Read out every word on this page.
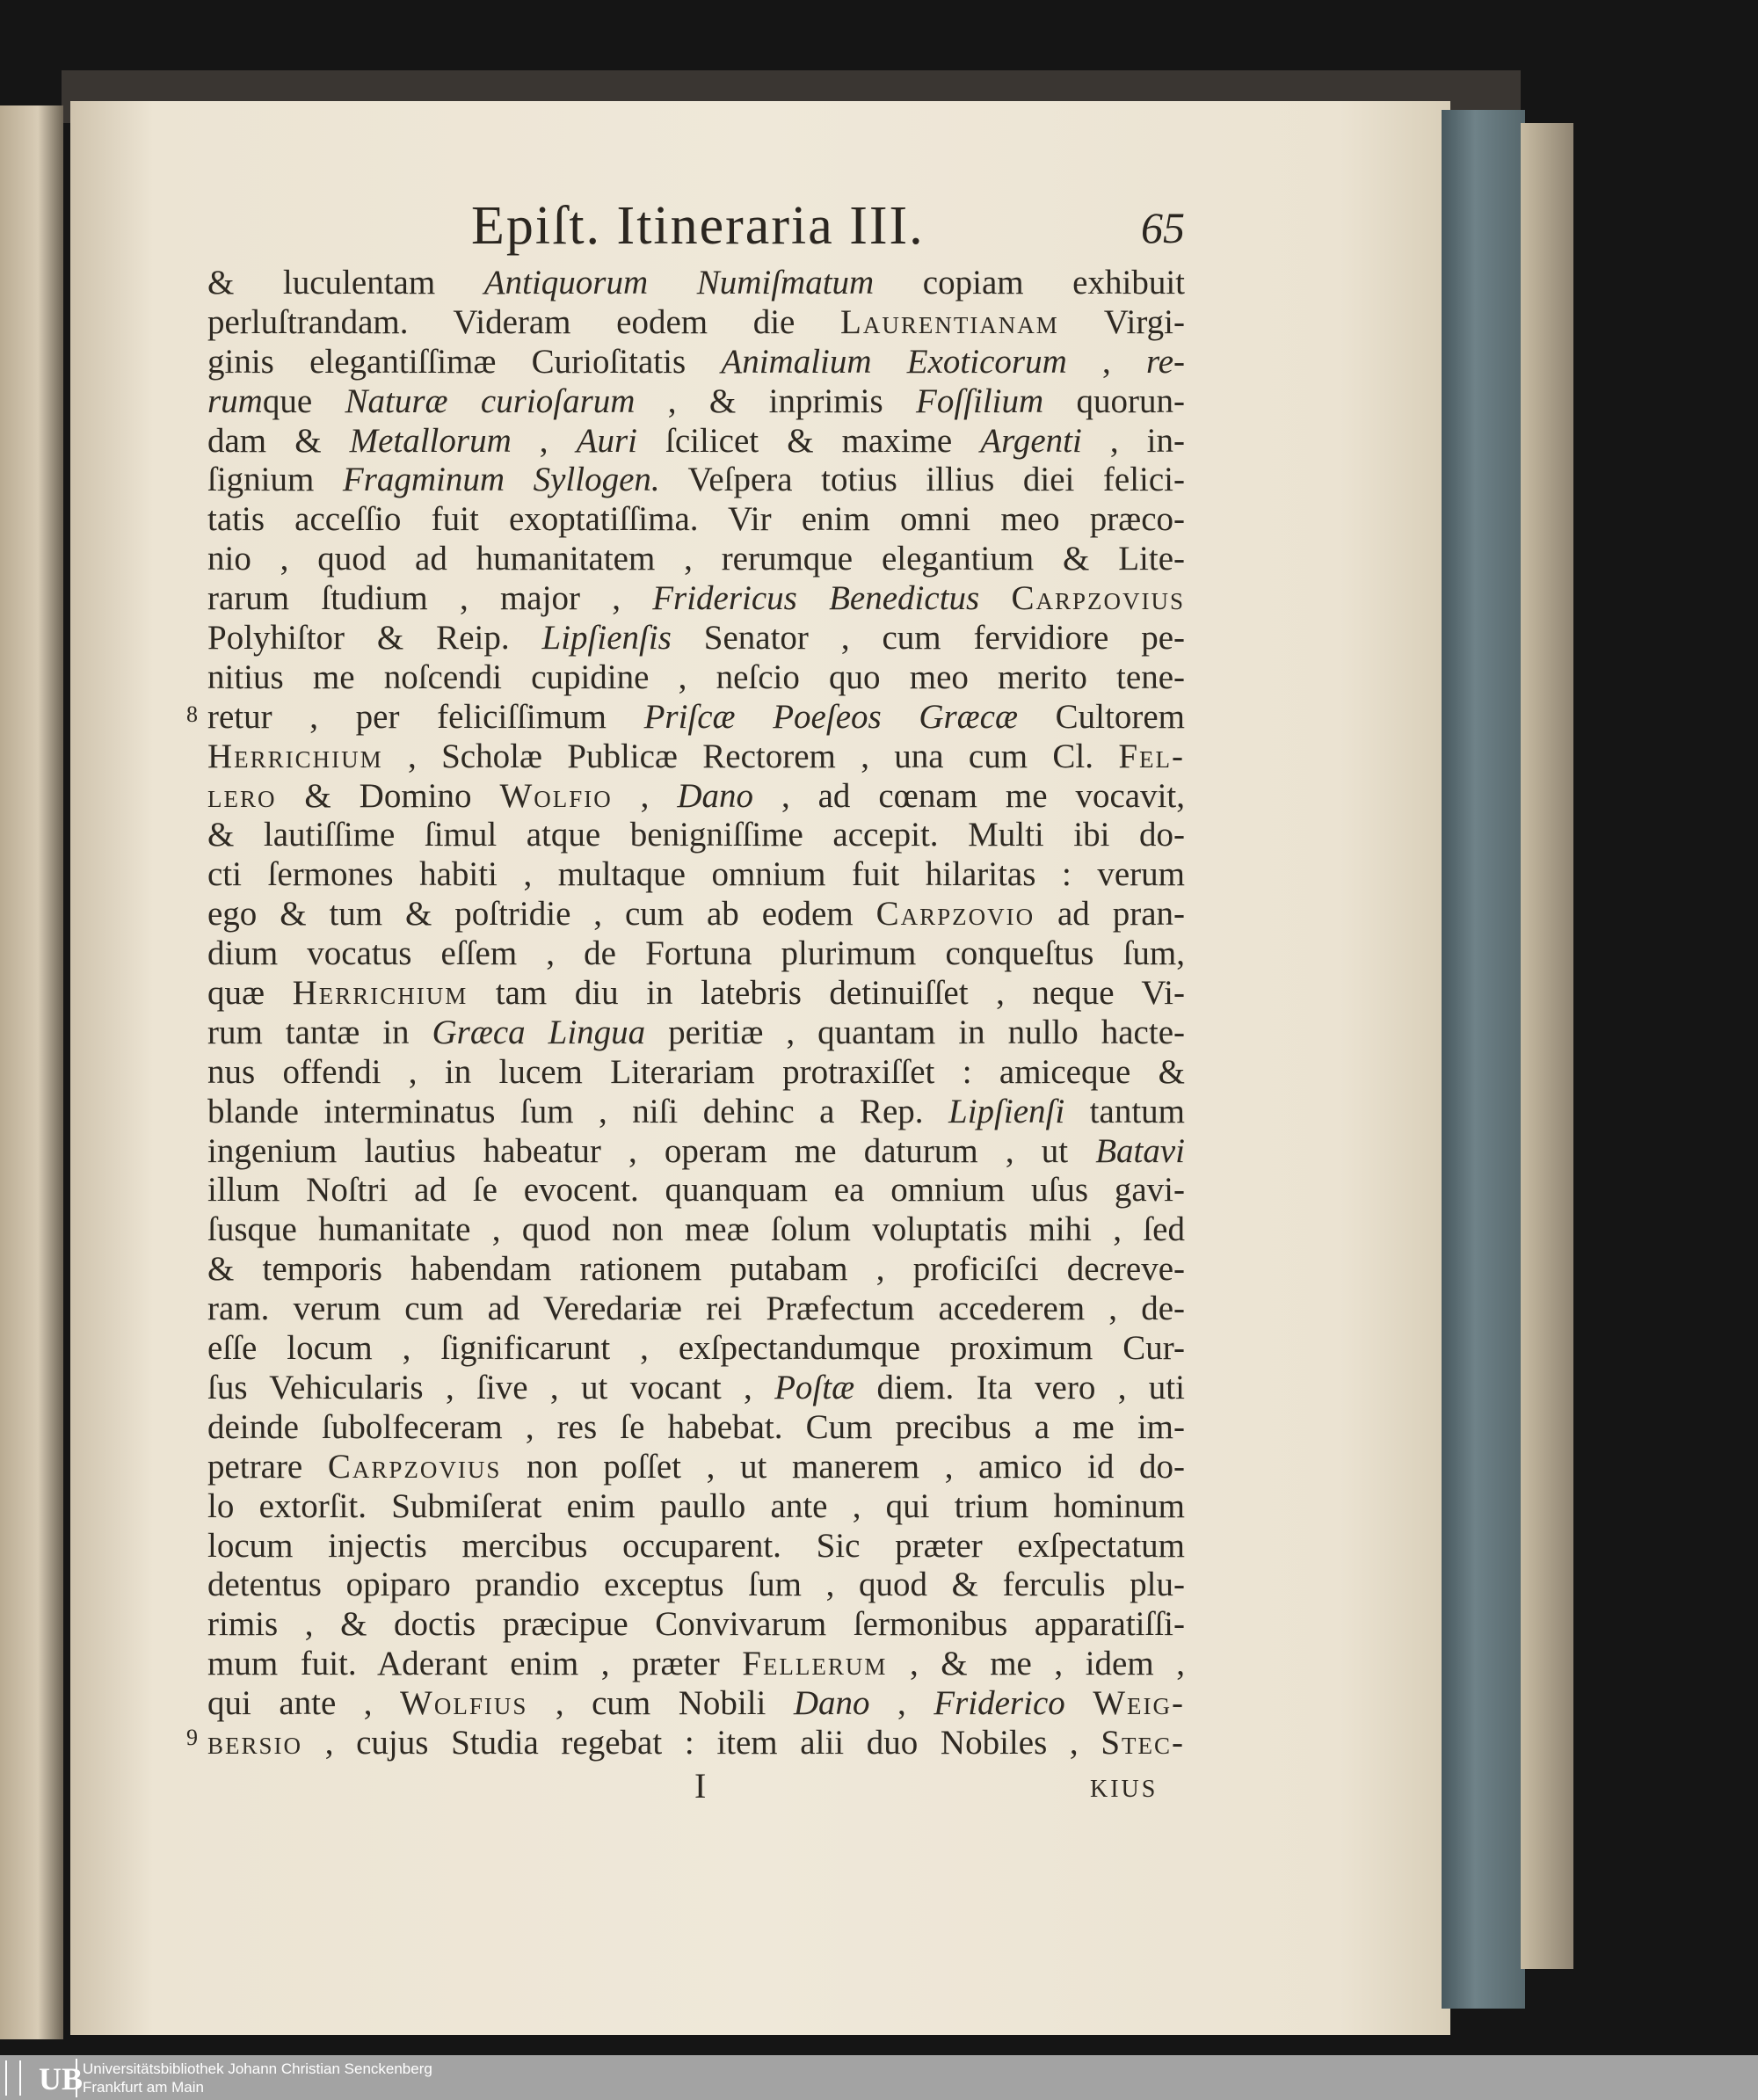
Epiſt. Itineraria III.	65
& luculentam Antiquorum Numiſmatum copiam exhibuit
perluſtrandam. Videram eodem die Laurentianam Virgi-
ginis elegantiſſimæ Curioſitatis Animalium Exoticorum , re-
rumque Naturæ curioſarum , & inprimis Foſſilium quorun-
dam & Metallorum , Auri ſcilicet & maxime Argenti , in-
ſignium Fragminum Syllogen. Veſpera totius illius diei felici-
tatis acceſſio fuit exoptatiſſima. Vir enim omni meo præco-
nio , quod ad humanitatem , rerumque elegantium & Lite-
rarum ſtudium , major , Fridericus Benedictus Carpzovius
Polyhiſtor & Reip. Lipſienſis Senator , cum fervidiore pe-
nitius me noſcendi cupidine , neſcio quo meo merito tene-
retur , per feliciſſimum Priſcæ Poeſeos Græcæ Cultorem
Herrichium , Scholæ Publicæ Rectorem , una cum Cl. Fel-
lero & Domino Wolfio , Dano , ad cœnam me vocavit,
& lautiſſime ſimul atque benigniſſime accepit. Multi ibi do-
cti ſermones habiti , multaque omnium fuit hilaritas : verum
ego & tum & poſtridie , cum ab eodem Carpzovio ad pran-
dium vocatus eſſem , de Fortuna plurimum conqueſtus ſum,
quæ Herrichium tam diu in latebris detinuiſſet , neque Vi-
rum tantæ in Græca Lingua peritiæ , quantam in nullo hacte-
nus offendi , in lucem Literariam protraxiſſet : amiceque &
blande interminatus ſum , niſi dehinc a Rep. Lipſienſi tantum
ingenium lautius habeatur , operam me daturum , ut Batavi
illum Noſtri ad ſe evocent. quanquam ea omnium uſus gavi-
ſusque humanitate , quod non meæ ſolum voluptatis mihi , ſed
& temporis habendam rationem putabam , proficiſci decreve-
ram. verum cum ad Veredariæ rei Præfectum accederem , de-
eſſe locum , ſignificarunt , exſpectandumque proximum Cur-
ſus Vehicularis , ſive , ut vocant , Poſtæ diem. Ita vero , uti
deinde ſubolfeceram , res ſe habebat. Cum precibus a me im-
petrare Carpzovius non poſſet , ut manerem , amico id do-
lo extorſit. Submiſerat enim paullo ante , qui trium hominum
locum injectis mercibus occuparent. Sic præter exſpectatum
detentus opiparo prandio exceptus ſum , quod & ferculis plu-
rimis , & doctis præcipue Convivarum ſermonibus apparatiſſi-
mum fuit. Aderant enim , præter Fellerum , & me , idem ,
qui ante , Wolfius , cum Nobili Dano , Friderico Weig-
bersio , cujus Studia regebat : item alii duo Nobiles , Stec-
8
9
I	KIUS
UB Universitätsbibliothek Johann Christian Senckenberg
Frankfurt am Main
